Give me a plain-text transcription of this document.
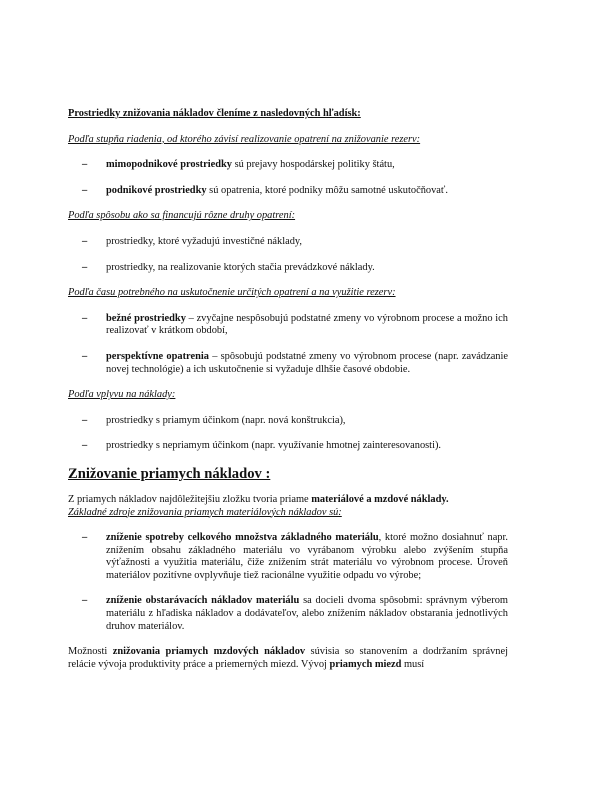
Prostriedky znižovania nákladov členíme z nasledovných hľadísk:

Podľa stupňa riadenia, od ktorého závisí realizovanie opatrení na znižovanie rezerv:

– mimopodnikové prostriedky sú prejavy hospodárskej politiky štátu,
– podnikové prostriedky sú opatrenia, ktoré podniky môžu samotné uskutočňovať.

Podľa spôsobu ako sa financujú rôzne druhy opatrení:

– prostriedky, ktoré vyžadujú investičné náklady,
– prostriedky, na realizovanie ktorých stačia prevádzkové náklady.

Podľa času potrebného na uskutočnenie určitých opatrení a na využitie rezerv:

– bežné prostriedky – zvyčajne nespôsobujú podstatné zmeny vo výrobnom procese a možno ich realizovať v krátkom období,
– perspektívne opatrenia – spôsobujú podstatné zmeny vo výrobnom procese (napr. zavádzanie novej technológie) a ich uskutočnenie si vyžaduje dlhšie časové obdobie.

Podľa vplyvu na náklady:

– prostriedky s priamym účinkom (napr. nová konštrukcia),
– prostriedky s nepriamym účinkom (napr. využívanie hmotnej zainteresovanosti).

Znižovanie priamych nákladov :

Z priamych nákladov najdôležitejšiu zložku tvoria priame materiálové a mzdové náklady.
Základné zdroje znižovania priamych materiálových nákladov sú:

– zníženie spotreby celkového množstva základného materiálu, ktoré možno dosiahnuť napr. znížením obsahu základného materiálu vo vyrábanom výrobku alebo zvýšením stupňa výťažnosti a využitia materiálu, čiže znížením strát materiálu vo výrobnom procese. Úroveň materiálov pozitívne ovplyvňuje tiež racionálne využitie odpadu vo výrobe;
– zníženie obstarávacích nákladov materiálu sa docieli dvoma spôsobmi: správnym výberom materiálu z hľadiska nákladov a dodávateľov, alebo znížením nákladov obstarania jednotlivých druhov materiálov.

Možnosti znižovania priamych mzdových nákladov súvisia so stanovením a dodržaním správnej relácie vývoja produktivity práce a priemerných miezd. Vývoj priamych miezd musí
